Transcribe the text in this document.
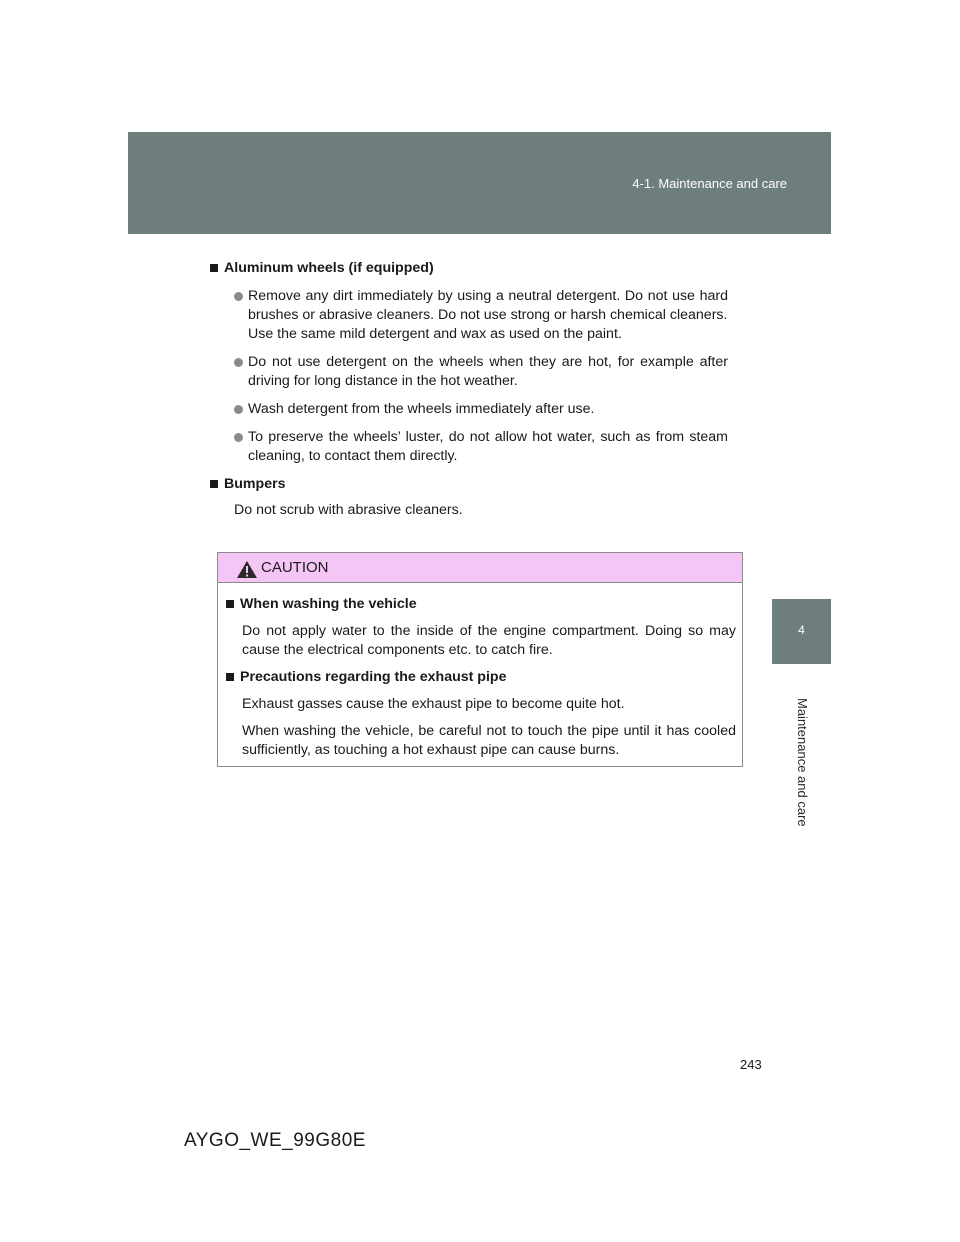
4-1. Maintenance and care
4
Maintenance and care
Aluminum wheels (if equipped)
Remove any dirt immediately by using a neutral detergent. Do not use hard brushes or abrasive cleaners. Do not use strong or harsh chemical cleaners.
Use the same mild detergent and wax as used on the paint.
Do not use detergent on the wheels when they are hot, for example after driving for long distance in the hot weather.
Wash detergent from the wheels immediately after use.
To preserve the wheels’ luster, do not allow hot water, such as from steam cleaning, to contact them directly.
Bumpers
Do not scrub with abrasive cleaners.
CAUTION
When washing the vehicle
Do not apply water to the inside of the engine compartment. Doing so may cause the electrical components etc. to catch fire.
Precautions regarding the exhaust pipe
Exhaust gasses cause the exhaust pipe to become quite hot.
When washing the vehicle, be careful not to touch the pipe until it has cooled sufficiently, as touching a hot exhaust pipe can cause burns.
243
AYGO_WE_99G80E
